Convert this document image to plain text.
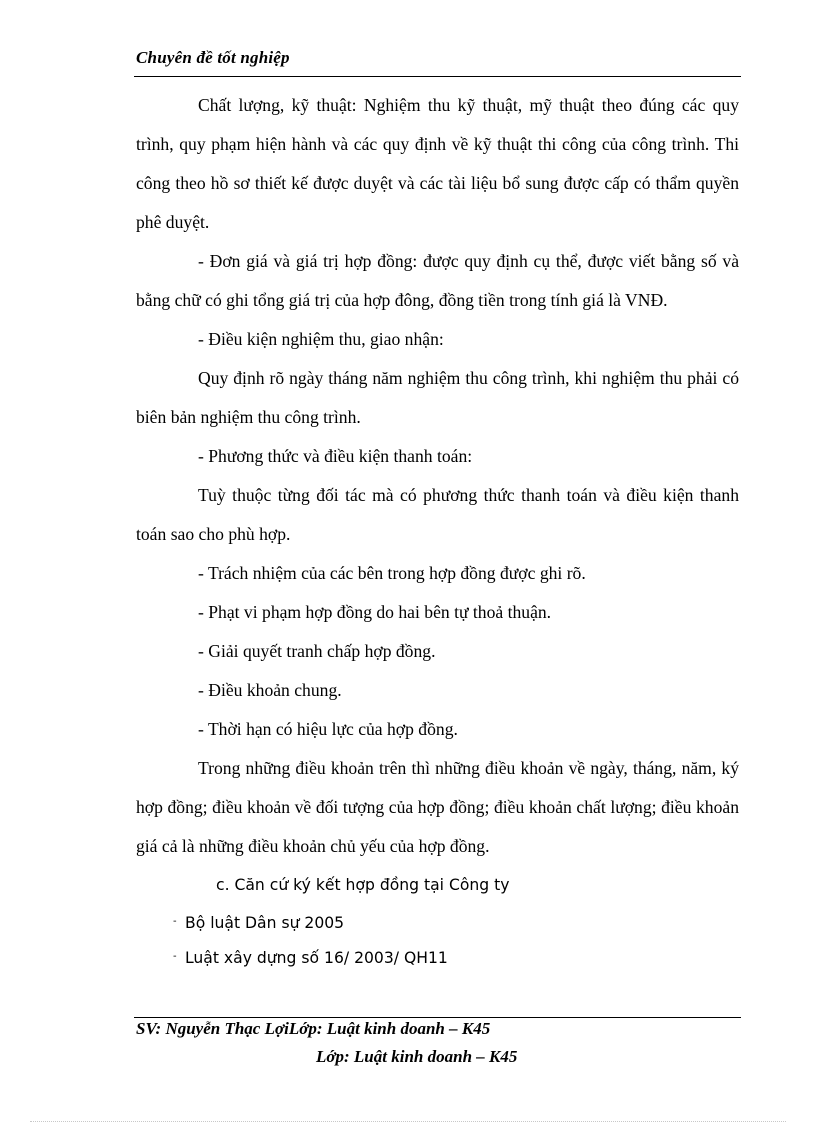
Chuyên đề tốt nghiệp

Chất lượng, kỹ thuật: Nghiệm thu kỹ thuật, mỹ thuật theo đúng các quy trình, quy phạm hiện hành và các quy định về kỹ thuật thi công của công trình. Thi công theo hồ sơ thiết kế được duyệt và các tài liệu bổ sung được cấp có thẩm quyền phê duyệt.

- Đơn giá và giá trị hợp đồng: được quy định cụ thể, được viết bằng số và bằng chữ có ghi tổng giá trị của hợp đông, đồng tiền trong tính giá là VNĐ.

- Điều kiện nghiệm thu, giao nhận:

Quy định rõ ngày tháng năm nghiệm thu công trình, khi nghiệm thu phải có biên bản nghiệm thu công trình.

- Phương thức và điều kiện thanh toán:

Tuỳ thuộc từng đối tác mà có phương thức thanh toán và điều kiện thanh toán sao cho phù hợp.

- Trách nhiệm của các bên trong hợp đồng được ghi rõ.

- Phạt vi phạm hợp đồng do hai bên tự thoả thuận.

- Giải quyết tranh chấp hợp đồng.

- Điều khoản chung.

- Thời hạn có hiệu lực của hợp đồng.

Trong những điều khoản trên thì những điều khoản về ngày, tháng, năm, ký hợp đồng; điều khoản về đối tượng của hợp đồng; điều khoản chất lượng; điều khoản giá cả là những điều khoản chủ yếu của hợp đồng.

c. Căn cứ ký kết hợp đồng tại Công ty

- Bộ luật Dân sự 2005

- Luật xây dựng số 16/ 2003/ QH11

SV: Nguyễn Thạc LợiLớp: Luật kinh doanh – K45
Lớp: Luật kinh doanh – K45
